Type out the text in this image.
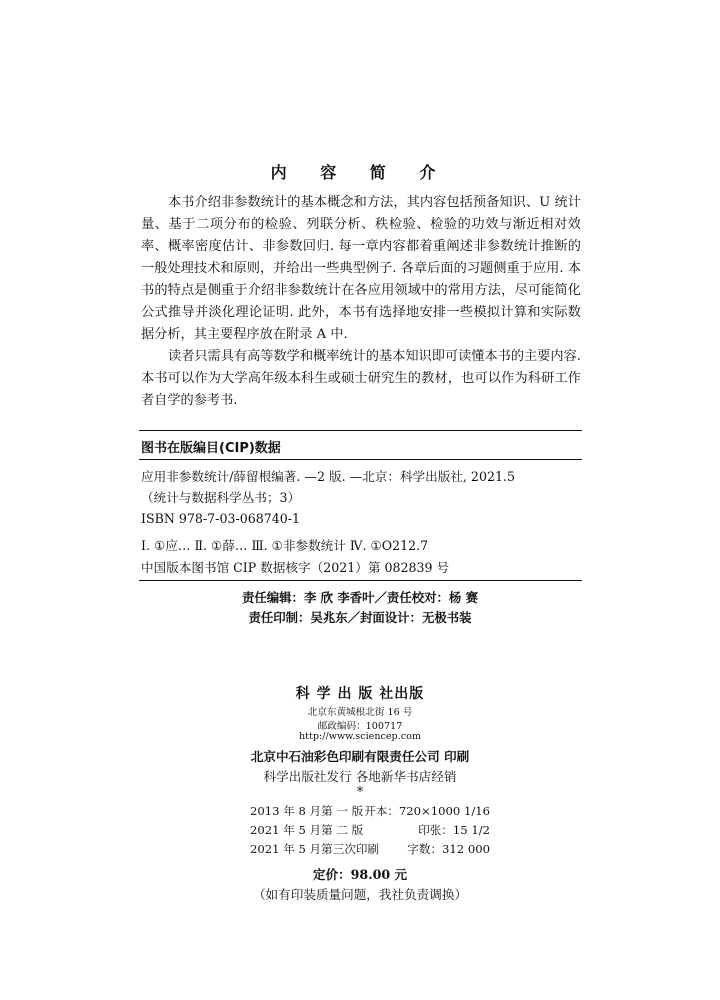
内 容 简 介

本书介绍非参数统计的基本概念和方法，其内容包括预备知识、U 统计量、基于二项分布的检验、列联分析、秩检验、检验的功效与渐近相对效率、概率密度估计、非参数回归. 每一章内容都着重阐述非参数统计推断的一般处理技术和原则，并给出一些典型例子. 各章后面的习题侧重于应用. 本书的特点是侧重于介绍非参数统计在各应用领域中的常用方法，尽可能简化公式推导并淡化理论证明. 此外，本书有选择地安排一些模拟计算和实际数据分析，其主要程序放在附录 A 中.

读者只需具有高等数学和概率统计的基本知识即可读懂本书的主要内容. 本书可以作为大学高年级本科生或硕士研究生的教材，也可以作为科研工作者自学的参考书.

图书在版编目(CIP)数据
应用非参数统计/薛留根编著. —2 版. —北京：科学出版社, 2021.5
（统计与数据科学丛书；3）
ISBN 978-7-03-068740-1
Ⅰ. ①应… Ⅱ. ①薛… Ⅲ. ①非参数统计 Ⅳ. ①O212.7
中国版本图书馆 CIP 数据核字（2021）第 082839 号
责任编辑：李 欣 李香叶／责任校对：杨 赛
责任印制：吴兆东／封面设计：无极书装
科 学 出 版 社出版
北京东黄城根北街 16 号
邮政编码：100717
http://www.sciencep.com
北京中石油彩色印刷有限责任公司 印刷
科学出版社发行 各地新华书店经销
*
2013 年 8 月第 一 版 开本：720×1000 1/16
2021 年 5 月第 二 版	印张：15 1/2
2021 年 5 月第三次印刷 字数：312 000
定价：98.00 元
（如有印装质量问题，我社负责调换）
